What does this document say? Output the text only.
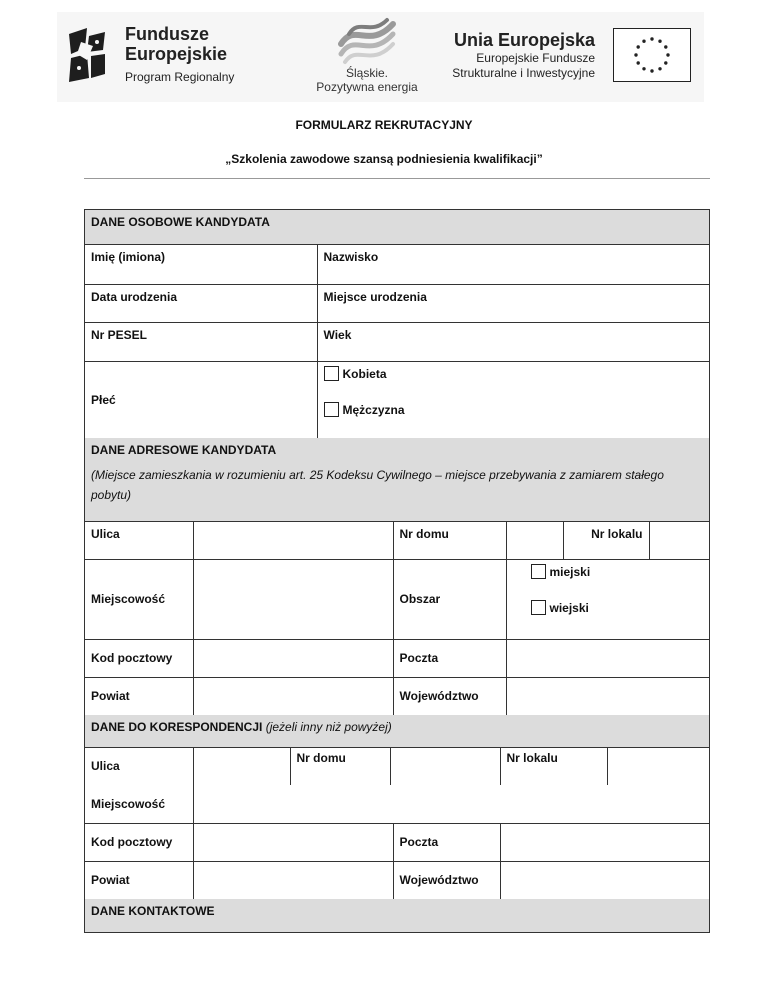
Fundusze
Europejskie
Program Regionalny	Śląskie.
Pozytywna energia
Unia Europejska
Europejskie Fundusze
Strukturalne i Inwestycyjne
FORMULARZ REKRUTACYJNY
„Szkolenia zawodowe szansą podniesienia kwalifikacji”
DANE OSOBOWE KANDYDATA	
Imię (imiona)	Nazwisko
Data urodzenia	Miejsce urodzenia
Nr PESEL	Wiek
Płeć	Kobieta
Mężczyzna
DANE ADRESOWE KANDYDATA
(Miejsce zamieszkania w rozumieniu art. 25 Kodeksu Cywilnego – miejsce przebywania z zamiarem stałego pobytu)					

Ulica		Nr domu		Nr lokalu	
Miejscowość		Obszar	miejski
wiejski		

Kod pocztowy		Poczta			
Powiat		Województwo			
DANE DO KORESPONDENCJI (jeżeli inny niż powyżej)
Ulica		Nr domu		Nr lokalu	
Miejscowość			
Kod pocztowy		Poczta	
Powiat		Województwo	
DANE KONTAKTOWE
